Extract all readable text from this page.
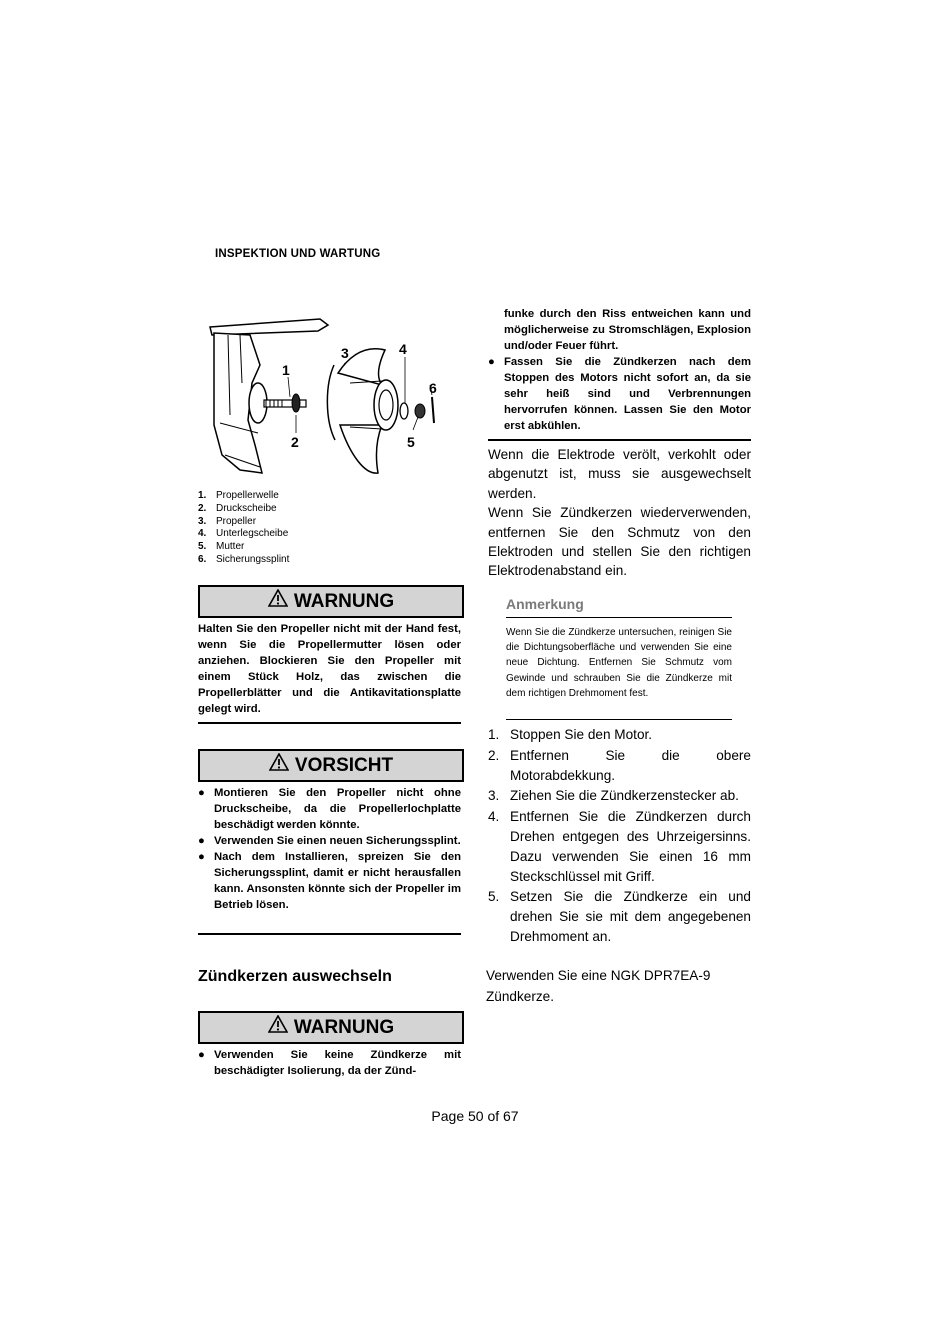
INSPEKTION UND WARTUNG
1
2
3	4
5
6
1. Propellerwelle
2. Druckscheibe
3. Propeller
4. Unterlegscheibe
5. Mutter
6. Sicherungssplint
WARNUNG
Halten Sie den Propeller nicht mit der Hand fest, wenn Sie die Propellermutter lösen oder anziehen. Blockieren Sie den Propeller mit einem Stück Holz, das zwischen die Propellerblätter und die Antikavitationsplatte gelegt wird.
VORSICHT
● Montieren Sie den Propeller nicht ohne Druckscheibe, da die Propellerlochplatte beschädigt werden könnte.
● Verwenden Sie einen neuen Sicherungssplint.
● Nach dem Installieren, spreizen Sie den Sicherungssplint, damit er nicht herausfallen kann. Ansonsten könnte sich der Propeller im Betrieb lösen.
Zündkerzen auswechseln
WARNUNG
● Verwenden Sie keine Zündkerze mit beschädigter Isolierung, da der Zünd-
funke durch den Riss entweichen kann und möglicherweise zu Stromschlägen, Explosion und/oder Feuer führt.
● Fassen Sie die Zündkerzen nach dem Stoppen des Motors nicht sofort an, da sie sehr heiß sind und Verbrennungen hervorrufen können. Lassen Sie den Motor erst abkühlen.
Wenn die Elektrode verölt, verkohlt oder abgenutzt ist, muss sie ausgewechselt werden.
Wenn Sie Zündkerzen wiederverwenden, entfernen Sie den Schmutz von den Elektroden und stellen Sie den richtigen Elektrodenabstand ein.
Anmerkung
Wenn Sie die Zündkerze untersuchen, reinigen Sie die Dichtungsoberfläche und verwenden Sie eine neue Dichtung. Entfernen Sie Schmutz vom Gewinde und schrauben Sie die Zündkerze mit dem richtigen Drehmoment fest.
1. Stoppen Sie den Motor.
2. Entfernen Sie die obere Motorabdekkung.
3. Ziehen Sie die Zündkerzenstecker ab.
4. Entfernen Sie die Zündkerzen durch Drehen entgegen des Uhrzeigersinns. Dazu verwenden Sie einen 16 mm Steckschlüssel mit Griff.
5. Setzen Sie die Zündkerze ein und drehen Sie sie mit dem angegebenen Drehmoment an.
Verwenden Sie eine NGK DPR7EA-9
Zündkerze.
Page 50 of 67
